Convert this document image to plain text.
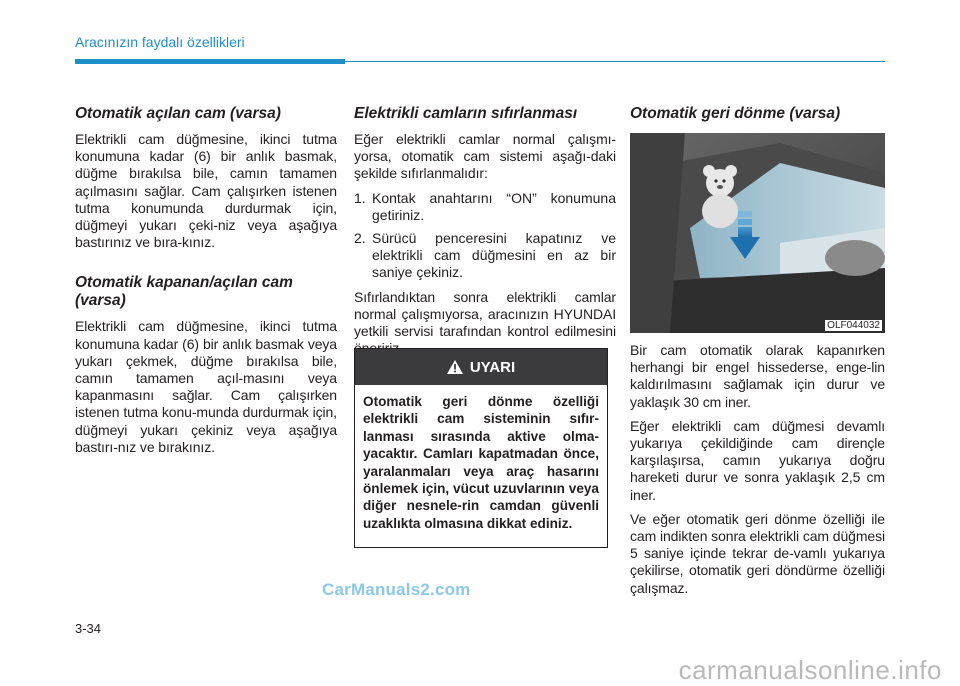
Aracınızın faydalı özellikleri
Otomatik açılan cam (varsa)

Elektrikli cam düğmesine, ikinci tutma konumuna kadar (6) bir anlık basmak, düğme bırakılsa bile, camın tamamen açılmasını sağlar. Cam çalışırken istenen tutma konumunda durdurmak için, düğmeyi yukarı çeki-niz veya aşağıya bastırınız ve bıra-kınız.

Otomatik kapanan/açılan cam (varsa)

Elektrikli cam düğmesine, ikinci tutma konumuna kadar (6) bir anlık basmak veya yukarı çekmek, düğme bırakılsa bile, camın tamamen açıl-masını veya kapanmasını sağlar. Cam çalışırken istenen tutma konu-munda durdurmak için, düğmeyi yukarı çekiniz veya aşağıya bastırı-nız ve bırakınız.

Elektrikli camların sıfırlanması

Eğer elektrikli camlar normal çalışmı-yorsa, otomatik cam sistemi aşağı-daki şekilde sıfırlanmalıdır:

1. Kontak anahtarını “ON” konumuna getiriniz.
2. Sürücü penceresini kapatınız ve elektrikli cam düğmesini en az bir saniye çekiniz.

Sıfırlandıktan sonra elektrikli camlar normal çalışmıyorsa, aracınızın HYUNDAI yetkili servisi tarafından kontrol edilmesini

UYARI
Otomatik geri dönme özelliği elektrikli cam sisteminin sıfır-lanması sırasında aktive olma-yacaktır. Camları kapatmadan önce, yaralanmaları veya araç hasarını önlemek için, vücut uzuvlarının veya diğer nesnele-rin camdan güvenli uzaklıkta olmasına dikkat ediniz.
Otomatik geri dönme (varsa)
OLF044032

Bir cam otomatik olarak kapanırken herhangi bir engel hissederse, enge-lin kaldırılmasını sağlamak için durur ve yaklaşık 30 cm iner.

Eğer elektrikli cam düğmesi devamlı yukarıya çekildiğinde cam dirençle karşılaşırsa, camın yukarıya doğru hareketi durur ve sonra yaklaşık 2,5 cm iner.

Ve eğer otomatik geri dönme özelliği ile cam indikten sonra elektrikli cam düğmesi 5 saniye içinde tekrar de-vamlı yukarıya çekilirse, otomatik geri döndürme özelliği çalışmaz.

CarManuals2.com
3-34
carmanualsonline.info
